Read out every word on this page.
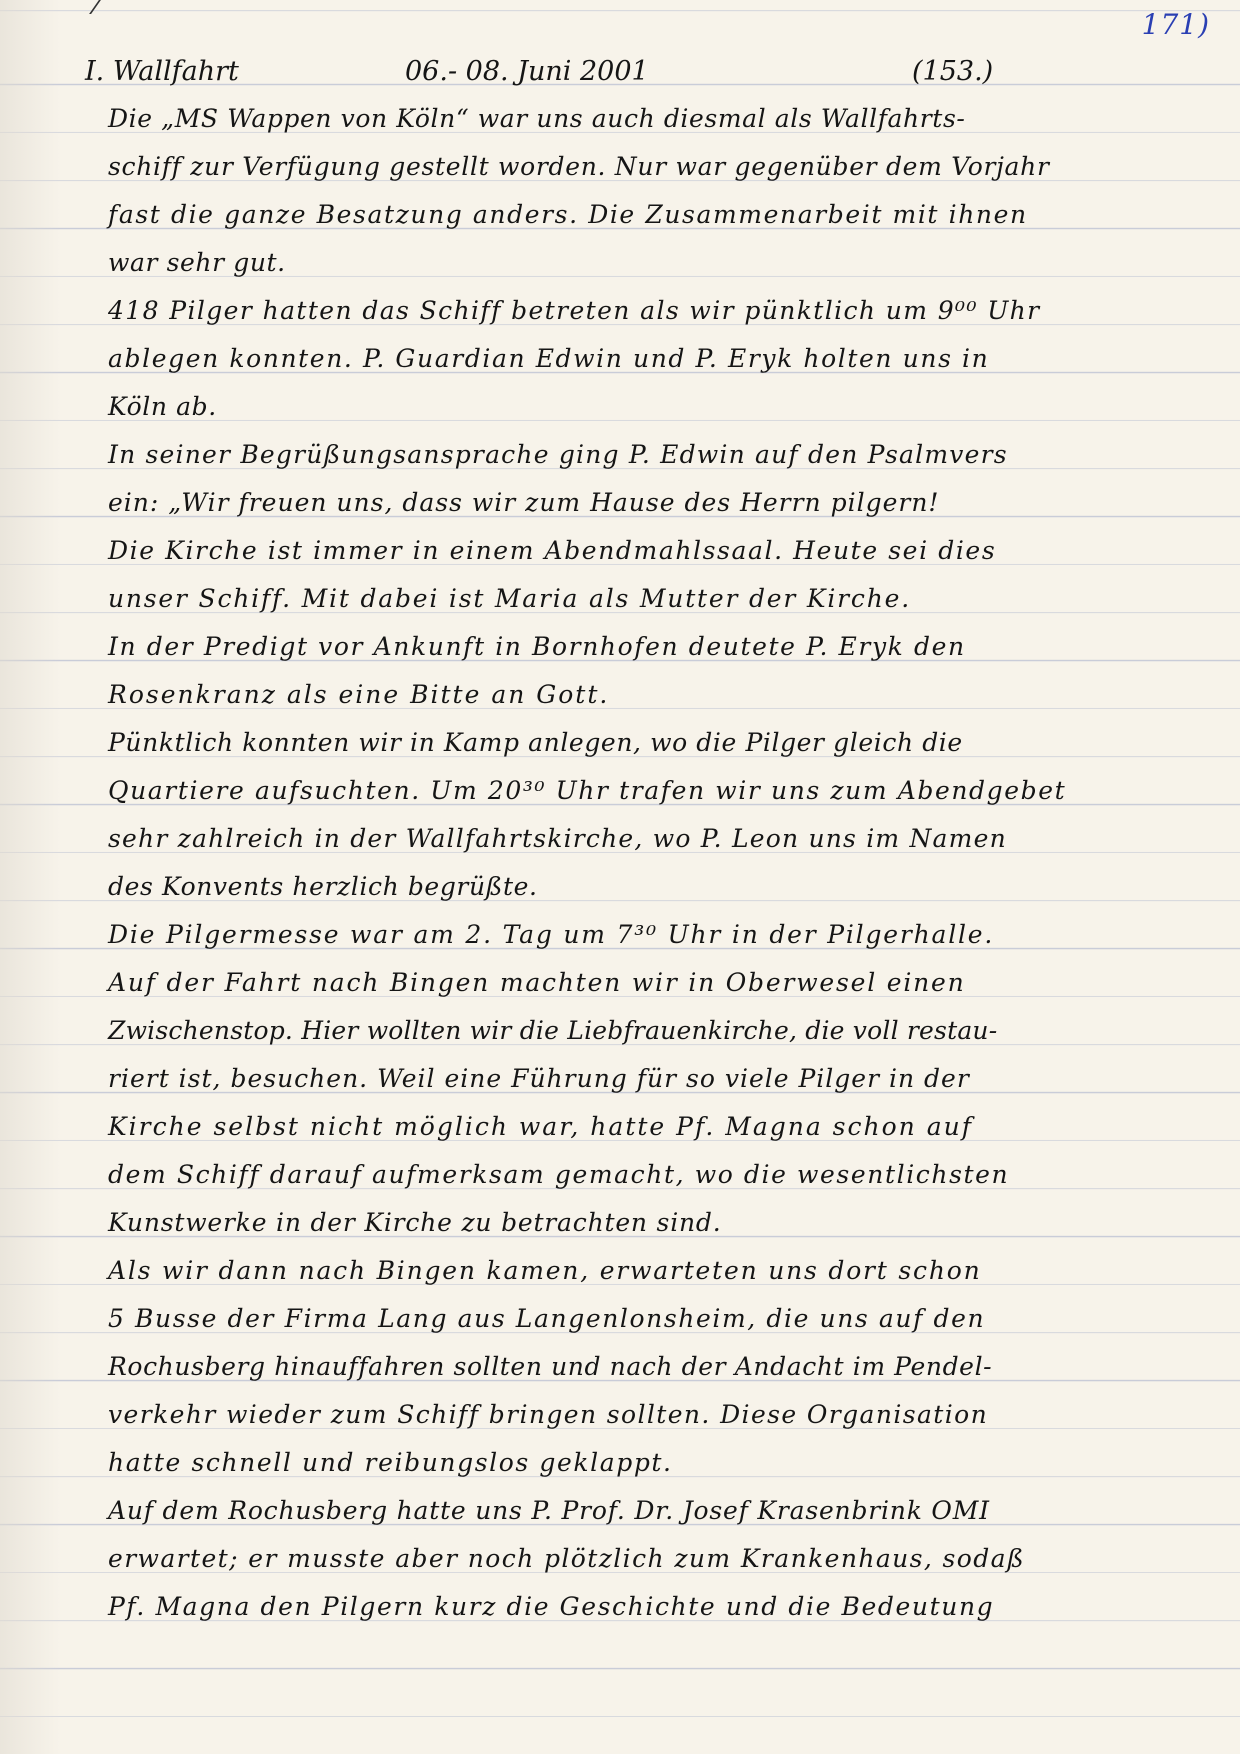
171)
I. Wallfahrt	06.- 08. Juni 2001	(153.)
Die „MS Wappen von Köln“ war uns auch diesmal als Wallfahrts-
schiff zur Verfügung gestellt worden. Nur war gegenüber dem Vorjahr
fast die ganze Besatzung anders. Die Zusammenarbeit mit ihnen
war sehr gut.
418 Pilger hatten das Schiff betreten als wir pünktlich um 9⁰⁰ Uhr
ablegen konnten. P. Guardian Edwin und P. Eryk holten uns in
Köln ab.
In seiner Begrüßungsansprache ging P. Edwin auf den Psalmvers
ein: „Wir freuen uns, dass wir zum Hause des Herrn pilgern!
Die Kirche ist immer in einem Abendmahlssaal. Heute sei dies
unser Schiff. Mit dabei ist Maria als Mutter der Kirche.
In der Predigt vor Ankunft in Bornhofen deutete P. Eryk den
Rosenkranz als eine Bitte an Gott.
Pünktlich konnten wir in Kamp anlegen, wo die Pilger gleich die
Quartiere aufsuchten. Um 20³⁰ Uhr trafen wir uns zum Abendgebet
sehr zahlreich in der Wallfahrtskirche, wo P. Leon uns im Namen
des Konvents herzlich begrüßte.
Die Pilgermesse war am 2. Tag um 7³⁰ Uhr in der Pilgerhalle.
Auf der Fahrt nach Bingen machten wir in Oberwesel einen
Zwischenstop. Hier wollten wir die Liebfrauenkirche, die voll restau-
riert ist, besuchen. Weil eine Führung für so viele Pilger in der
Kirche selbst nicht möglich war, hatte Pf. Magna schon auf
dem Schiff darauf aufmerksam gemacht, wo die wesentlichsten
Kunstwerke in der Kirche zu betrachten sind.
Als wir dann nach Bingen kamen, erwarteten uns dort schon
5 Busse der Firma Lang aus Langenlonsheim, die uns auf den
Rochusberg hinauffahren sollten und nach der Andacht im Pendel-
verkehr wieder zum Schiff bringen sollten. Diese Organisation
hatte schnell und reibungslos geklappt.
Auf dem Rochusberg hatte uns P. Prof. Dr. Josef Krasenbrink OMI
erwartet; er musste aber noch plötzlich zum Krankenhaus, sodaß
Pf. Magna den Pilgern kurz die Geschichte und die Bedeutung
